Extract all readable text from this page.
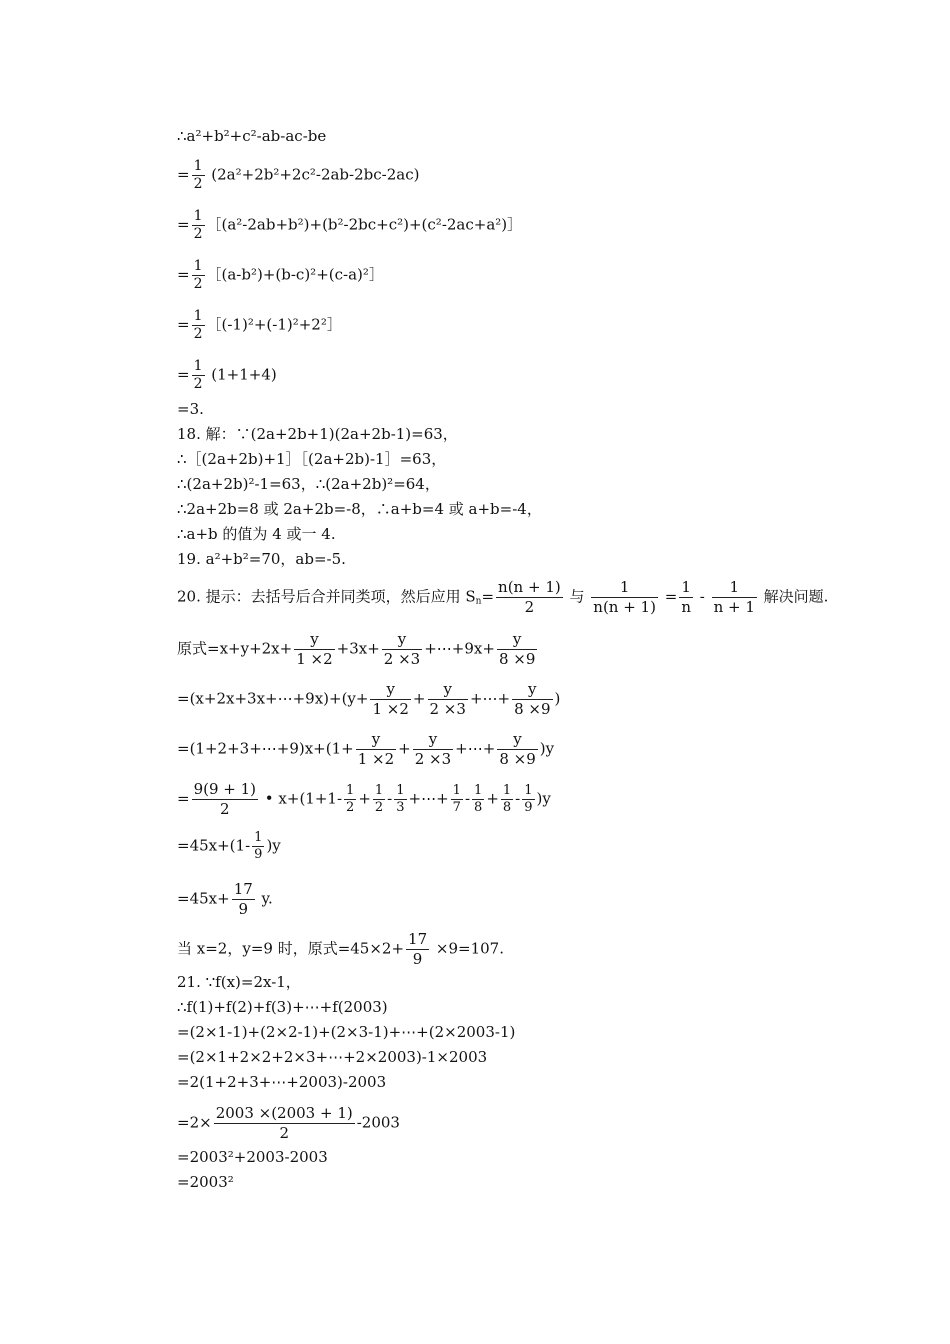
∴a²+b²+c²-ab-ac-be
= $\frac{1}{2} (2a^2+2b^2+2c^2-2ab-2bc-2ac)$
= $\frac{1}{2}$ ［(a²-2ab+b²)+(b²-2bc+c²)+(c²-2ac+a²)］
= $\frac{1}{2}$ ［(a-b²)+(b-c)²+(c-a)²］
= $\frac{1}{2}$ ［(-1)²+(-1)²+2²］
= $\frac{1}{2} (1+1+4)$
=3.
18. 解：∵(2a+2b+1)(2a+2b-1)=63，
∴［(2a+2b)+1］［(2a+2b)-1］=63，
∴(2a+2b)²-1=63，∴(2a+2b)²=64，
∴2a+2b=8 或 2a+2b=-8，∴a+b=4 或 a+b=-4，
∴a+b 的值为 4 或一 4.
19. a²+b²=70，ab=-5.
20. 提示：去括号后合并同类项，然后应用 $S_n= \frac{n(n + 1)}{2}$ 与 $\frac{1}{n(n + 1)} = \frac{1}{n} - \frac{1}{n + 1}$ 解决问题.
原式$=x+y+2x+ \frac{y}{1 \times 2} +3x+ \frac{y}{2 \times 3}$ +⋯+9x+ $\frac{y}{8 \times 9}$
=(x+2x+3x+⋯+9x)+(y+ $\frac{y}{1 \times 2} + \frac{y}{2 \times 3}$ +⋯+ $\frac{y}{8 \times 9}$ )
=(1+2+3+⋯+9)x+(1+ $\frac{y}{1 \times 2} + \frac{y}{2 \times 3}$ +⋯+ $\frac{y}{8 \times 9} )y$
= $\frac{9(9 + 1)}{2}$ • $x+(1+1- \frac{1}{2} + \frac{1}{2} - \frac{1}{3}$ +⋯+ $\frac{1}{7} - \frac{1}{8} + \frac{1}{8} - \frac{1}{9} )y$
$=45x+(1- \frac{1}{9} )y$
$=45x+ \frac{17}{9} y$.
当 x=2，y=9 时，原式$=45\times 2+ \frac{17}{9} \times 9=107$.
21. ∵f(x)=2x-1，
∴f(1)+f(2)+f(3)+⋯+f(2003)
=(2×1-1)+(2×2-1)+(2×3-1)+⋯+(2×2003-1)
=(2×1+2×2+2×3+⋯+2×2003)-1×2003
=2(1+2+3+⋯+2003)-2003
$=2\times \frac{2003 \times(2003 + 1)}{2} -2003$
=2003²+2003-2003
=2003²
